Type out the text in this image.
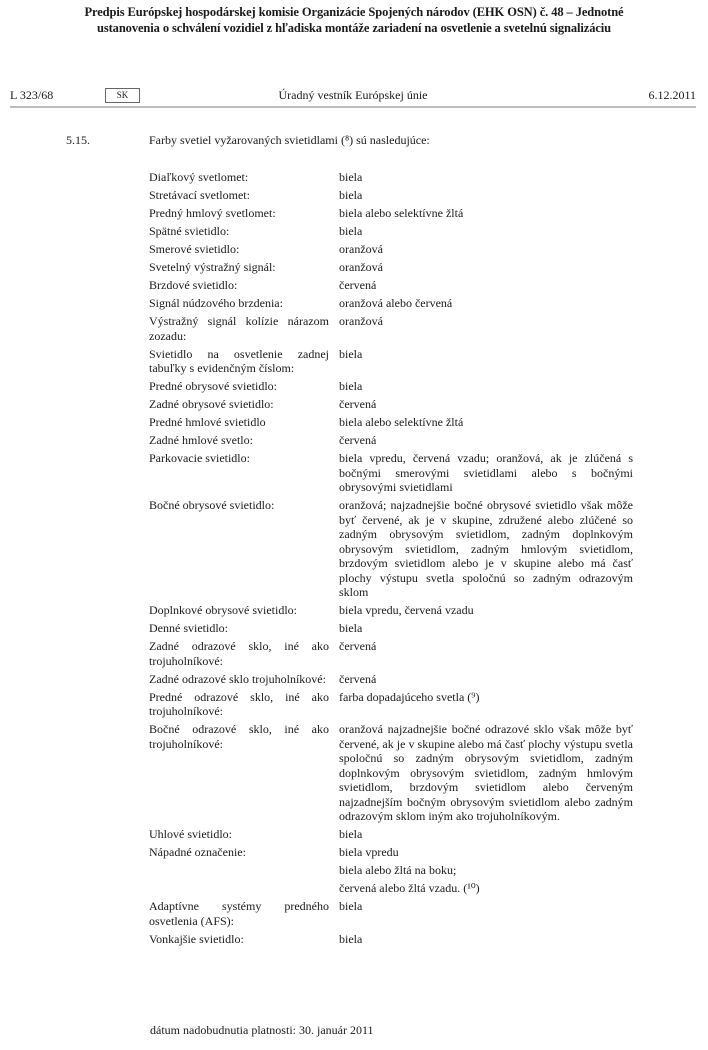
Predpis Európskej hospodárskej komisie Organizácie Spojených národov (EHK OSN) č. 48 – Jednotné ustanovenia o schválení vozidiel z hľadiska montáže zariadení na osvetlenie a svetelnú signalizáciu
Úradný vestník Európskej únie
L 323/68	SK	6.12.2011
5.15.	Farby svetiel vyžarovaných svietidlami (⁸) sú nasledujúce:
Diaľkový svetlomet:	biela
Stretávací svetlomet:	biela
Predný hmlový svetlomet:	biela alebo selektívne žltá
Spätné svietidlo:	biela
Smerové svietidlo:	oranžová
Svetelný výstražný signál:	oranžová
Brzdové svietidlo:	červená
Signál núdzového brzdenia:	oranžová alebo červená
Výstražný signál kolízie nárazom zozadu:
oranžová
Svietidlo na osvetlenie zadnej tabuľky s evidenčným číslom:
biela
Predné obrysové svietidlo:	biela
Zadné obrysové svietidlo:	červená
Predné hmlové svietidlo	biela alebo selektívne žltá
Zadné hmlové svetlo:	červená
Parkovacie svietidlo:	biela vpredu, červená vzadu; oranžová, ak je zlúčená s bočnými smerovými svietidlami alebo s bočnými obrysovými svietidlami
Bočné obrysové svietidlo:	oranžová; najzadnejšie bočné obrysové svietidlo však môže byť červené, ak je v skupine, združené alebo zlúčené so zadným obrysovým svietidlom, zadným doplnkovým obrysovým svietidlom, zadným hmlovým svietidlom, brzdovým svietidlom alebo je v skupine alebo má časť plochy výstupu svetla spoločnú so zadným odrazovým sklom
Doplnkové obrysové svietidlo:	biela vpredu, červená vzadu
Denné svietidlo:	biela
Zadné odrazové sklo, iné ako trojuholníkové:
červená
Zadné odrazové sklo trojuholníkové:	červená
Predné odrazové sklo, iné ako trojuholníkové:
farba dopadajúceho svetla (⁹)
Bočné odrazové sklo, iné ako trojuholníkové:
oranžová najzadnejšie bočné odrazové sklo však môže byť červené, ak je v skupine alebo má časť plochy výstupu svetla spoločnú so zadným obrysovým svietidlom, zadným doplnkovým obrysovým svietidlom, zadným hmlovým svietidlom, brzdovým svietidlom alebo červeným najzadnejším bočným obrysovým svietidlom alebo zadným odrazovým sklom iným ako trojuholníkovým.
Uhlové svietidlo:	biela
Nápadné označenie:	biela vpredu
biela alebo žltá na boku;
červená alebo žltá vzadu. (¹⁰)
Adaptívne systémy predného osvetlenia (AFS):
biela
Vonkajšie svietidlo:	biela
dátum nadobudnutia platnosti: 30. január 2011
